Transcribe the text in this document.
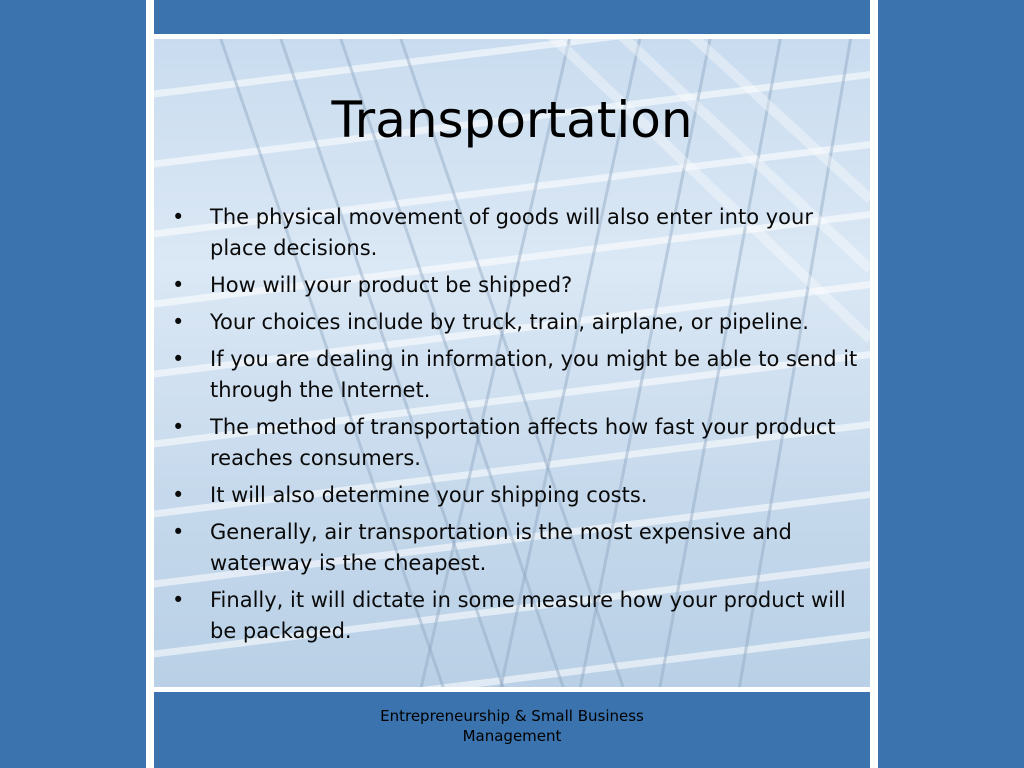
Transportation
• The physical movement of goods will also enter into your place decisions.
• How will your product be shipped?
• Your choices include by truck, train, airplane, or pipeline.
• If you are dealing in information, you might be able to send it through the Internet.
• The method of transportation affects how fast your product reaches consumers.
• It will also determine your shipping costs.
• Generally, air transportation is the most expensive and waterway is the cheapest.
• Finally, it will dictate in some measure how your product will be packaged.
Entrepreneurship & Small Business
Management
